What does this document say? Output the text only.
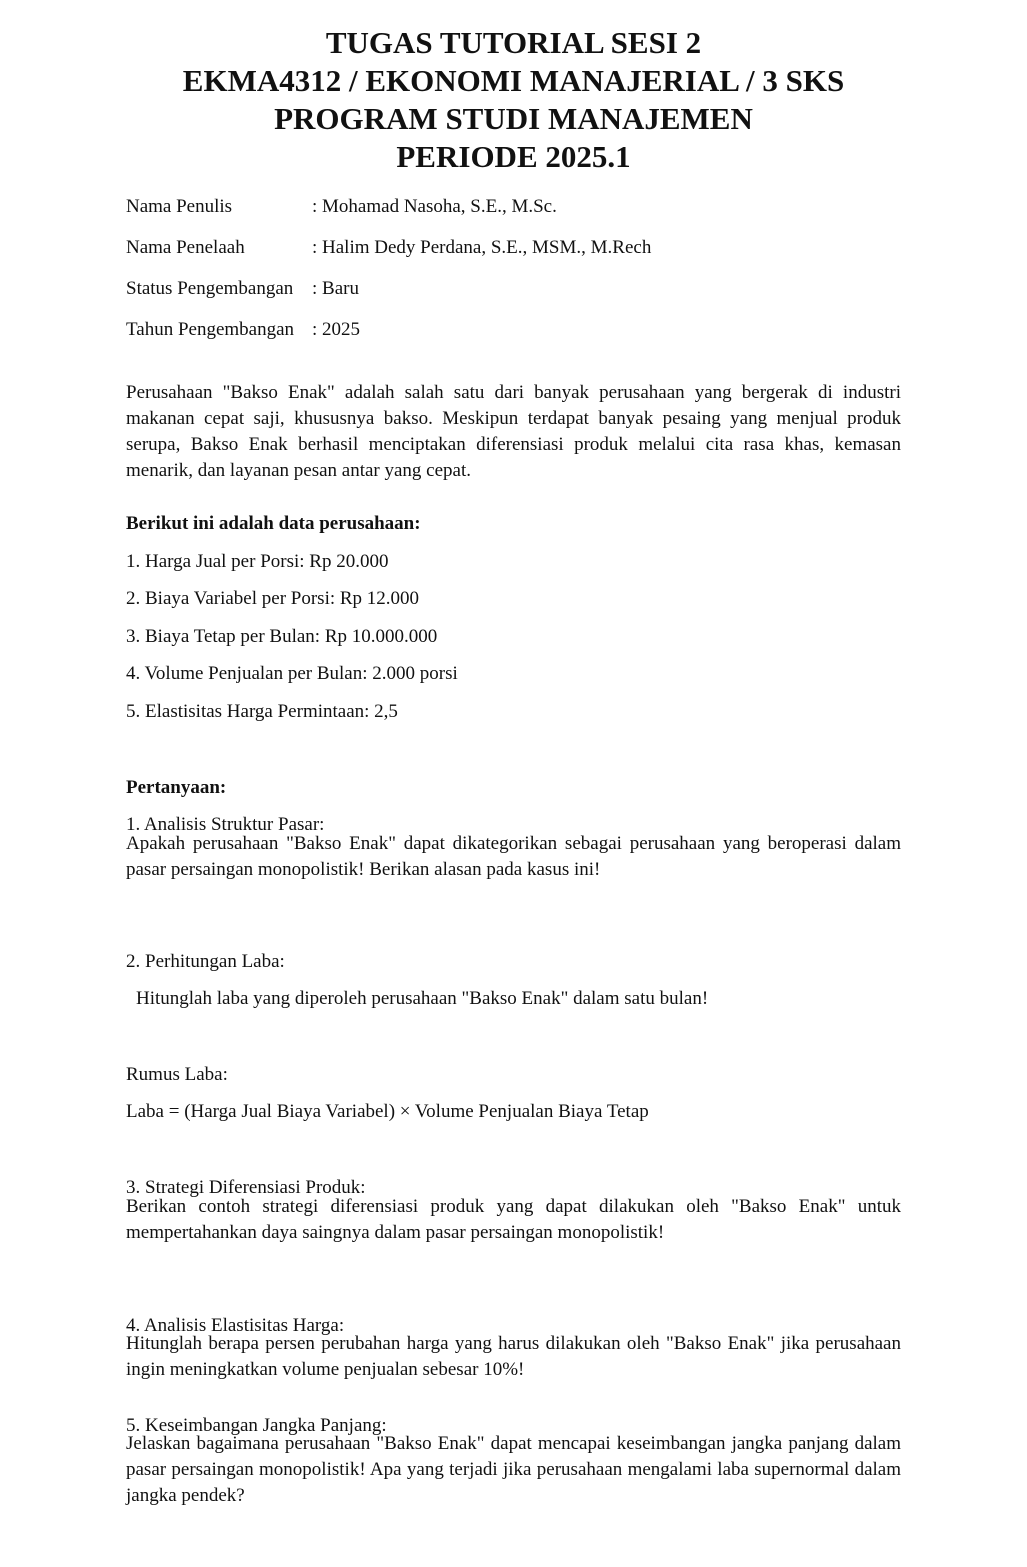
TUGAS TUTORIAL SESI 2

EKMA4312 / EKONOMI MANAJERIAL / 3 SKS

PROGRAM STUDI MANAJEMEN

PERIODE 2025.1

Nama Penulis	: Mohamad Nasoha, S.E., M.Sc.
Nama Penelaah	: Halim Dedy Perdana, S.E., MSM., M.Rech
Status Pengembangan : Baru
Tahun Pengembangan : 2025

Perusahaan "Bakso Enak" adalah salah satu dari banyak perusahaan yang bergerak di industri makanan cepat saji, khususnya bakso. Meskipun terdapat banyak pesaing yang menjual produk serupa, Bakso Enak berhasil menciptakan diferensiasi produk melalui cita rasa khas, kemasan menarik, dan layanan pesan antar yang cepat.

Berikut ini adalah data perusahaan:

1. Harga Jual per Porsi: Rp 20.000

2. Biaya Variabel per Porsi: Rp 12.000

3. Biaya Tetap per Bulan: Rp 10.000.000

4. Volume Penjualan per Bulan: 2.000 porsi

5. Elastisitas Harga Permintaan: 2,5

Pertanyaan:

1. Analisis Struktur Pasar:

Apakah perusahaan "Bakso Enak" dapat dikategorikan sebagai perusahaan yang beroperasi dalam pasar persaingan monopolistik! Berikan alasan pada kasus ini!

2. Perhitungan Laba:

Hitunglah laba yang diperoleh perusahaan "Bakso Enak" dalam satu bulan!

Rumus Laba:

Laba = (Harga Jual Biaya Variabel) × Volume Penjualan Biaya Tetap

3. Strategi Diferensiasi Produk:

Berikan contoh strategi diferensiasi produk yang dapat dilakukan oleh "Bakso Enak" untuk mempertahankan daya saingnya dalam pasar persaingan monopolistik!

4. Analisis Elastisitas Harga:

Hitunglah berapa persen perubahan harga yang harus dilakukan oleh "Bakso Enak" jika perusahaan ingin meningkatkan volume penjualan sebesar 10%!

5. Keseimbangan Jangka Panjang:

Jelaskan bagaimana perusahaan "Bakso Enak" dapat mencapai keseimbangan jangka panjang dalam pasar persaingan monopolistik! Apa yang terjadi jika perusahaan mengalami laba supernormal dalam jangka pendek?
